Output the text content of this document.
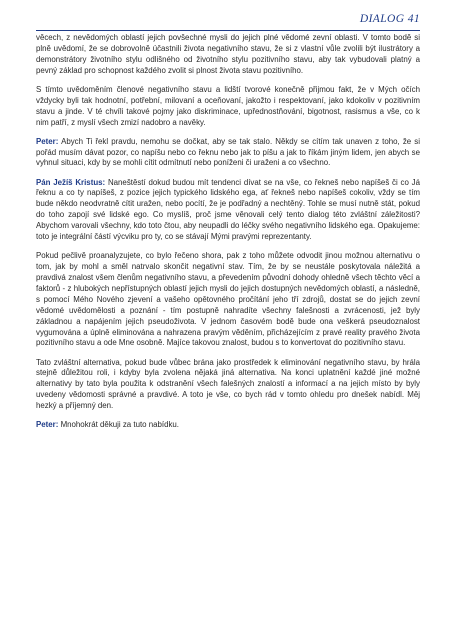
DIALOG 41

věcech, z nevědomých oblastí jejich povšechné mysli do jejich plné vědomé zevní oblasti. V tomto bodě si plně uvědomí, že se dobrovolně účastnili života negativního stavu, že si z vlastní vůle zvolili být ilustrátory a demonstrátory životního stylu odlišného od životního stylu pozitivního stavu, aby tak vybudovali platný a pevný základ pro schopnost každého zvolit si plnost života stavu pozitivního.

S tímto uvědoměním členové negativního stavu a lidští tvorové konečně přijmou fakt, že v Mých očích vždycky byli tak hodnotní, potřební, milovaní a oceňovaní, jakožto i respektovaní, jako kdokoliv v pozitivním stavu a jinde. V té chvíli takové pojmy jako diskriminace, upřednostňování, bigotnost, rasismus a vše, co k nim patří, z myslí všech zmizí nadobro a navěky.

Peter: Abych Ti řekl pravdu, nemohu se dočkat, aby se tak stalo. Někdy se cítím tak unaven z toho, že si pořád musím dávat pozor, co napíšu nebo co řeknu nebo jak to píšu a jak to říkám jiným lidem, jen abych se vyhnul situaci, kdy by se mohli cítit odmítnutí nebo poníženi či uraženi a co všechno.

Pán Ježíš Kristus: Naneštěstí dokud budou mít tendenci dívat se na vše, co řekneš nebo napíšeš či co Já řeknu a co ty napíšeš, z pozice jejich typického lidského ega, ať řekneš nebo napíšeš cokoliv, vždy se tím bude někdo neodvratně cítit uražen, nebo pocítí, že je podřadný a nechtěný. Tohle se musí nutně stát, pokud do toho zapojí své lidské ego. Co myslíš, proč jsme věnovali celý tento dialog této zvláštní záležitosti? Abychom varovali všechny, kdo toto čtou, aby neupadli do léčky svého negativního lidského ega. Opakujeme: toto je integrální částí výcviku pro ty, co se stávají Mými pravými reprezentanty.

Pokud pečlivě proanalyzujete, co bylo řečeno shora, pak z toho můžete odvodit jinou možnou alternativu o tom, jak by mohl a směl natrvalo skončit negativní stav. Tím, že by se neustále poskytovala náležitá a pravdivá znalost všem členům negativního stavu, a převedením původní dohody ohledně všech těchto věcí a faktorů - z hlubokých nepřístupných oblastí jejich mysli do jejich dostupných nevědomých oblastí, a následně, s pomocí Mého Nového zjevení a vašeho opětovného pročítání jeho tří zdrojů, dostat se do jejich zevní vědomé uvědomělosti a poznání - tím postupně nahradíte všechny falešnosti a zvrácenosti, jež byly základnou a napájením jejich pseudoživota. V jednom časovém bodě bude ona veškerá pseudoznalost vygumována a úplně eliminována a nahrazena pravým věděním, přicházejícím z pravé reality pravého života pozitivního stavu a ode Mne osobně. Majíce takovou znalost, budou s to konvertovat do pozitivního stavu.

Tato zvláštní alternativa, pokud bude vůbec brána jako prostředek k eliminování negativního stavu, by hrála stejně důležitou roli, i kdyby byla zvolena nějaká jiná alternativa. Na konci uplatnění každé jiné možné alternativy by tato byla použita k odstranění všech falešných znalostí a informací a na jejich místo by byly uvedeny vědomosti správné a pravdivé. A toto je vše, co bych rád v tomto ohledu pro dnešek nabídl. Měj hezký a příjemný den.

Peter: Mnohokrát děkuji za tuto nabídku.
